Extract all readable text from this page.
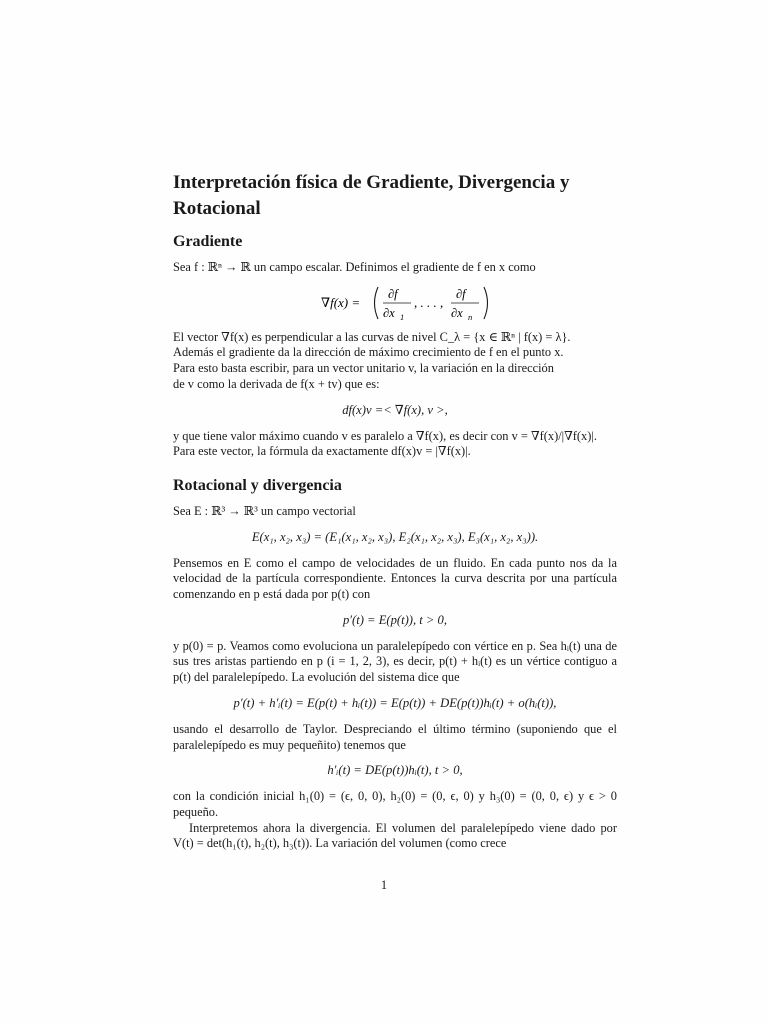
Interpretación física de Gradiente, Divergencia y Rotacional
Gradiente

Sea f : ℝⁿ → ℝ un campo escalar. Definimos el gradiente de f en x como

∇f(x) =
∂f
∂x 1
, . . . ,
∂f
∂x n

El vector ∇f(x) es perpendicular a las curvas de nivel C_λ = {x ∈ ℝⁿ | f(x) = λ}.
Además el gradiente da la dirección de máximo crecimiento de f en el punto x.
Para esto basta escribir, para un vector unitario v, la variación en la dirección
de v como la derivada de f(x + tv) que es:

df(x)v =< ∇f(x), v >,

y que tiene valor máximo cuando v es paralelo a ∇f(x), es decir con v = ∇f(x)/|∇f(x)|.
Para este vector, la fórmula da exactamente df(x)v = |∇f(x)|.

Rotacional y divergencia

Sea E : ℝ³ → ℝ³ un campo vectorial

E(x₁, x₂, x₃) = (E₁(x₁, x₂, x₃), E₂(x₁, x₂, x₃), E₃(x₁, x₂, x₃)).

Pensemos en E como el campo de velocidades de un fluido. En cada punto nos da la velocidad de la partícula correspondiente. Entonces la curva descrita por una partícula comenzando en p está dada por p(t) con

p′(t) = E(p(t)), t > 0,

y p(0) = p. Veamos como evoluciona un paralelepípedo con vértice en p. Sea hᵢ(t) una de sus tres aristas partiendo en p (i = 1, 2, 3), es decir, p(t) + hᵢ(t) es un vértice contiguo a p(t) del paralelepípedo. La evolución del sistema dice que

p′(t) + h′ᵢ(t) = E(p(t) + hᵢ(t)) = E(p(t)) + DE(p(t))hᵢ(t) + o(hᵢ(t)),

usando el desarrollo de Taylor. Despreciando el último término (suponiendo que el paralelepípedo es muy pequeñito) tenemos que

h′ᵢ(t) = DE(p(t))hᵢ(t), t > 0,

con la condición inicial h₁(0) = (ϵ, 0, 0), h₂(0) = (0, ϵ, 0) y h₃(0) = (0, 0, ϵ) y ϵ > 0 pequeño.

Interpretemos ahora la divergencia. El volumen del paralelepípedo viene dado por V(t) = det(h₁(t), h₂(t), h₃(t)). La variación del volumen (como crece

1
